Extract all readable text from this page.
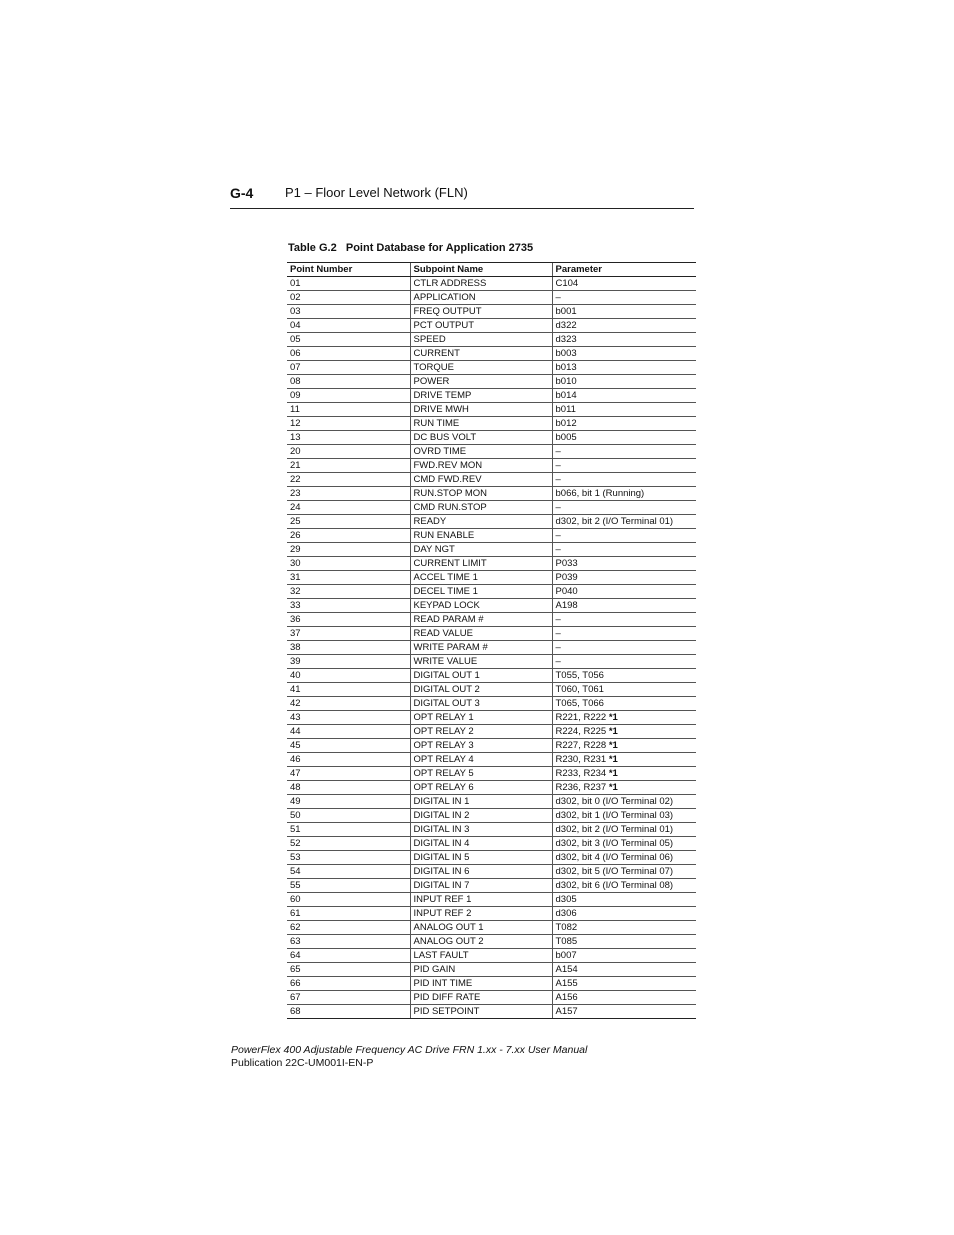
G-4 P1 – Floor Level Network (FLN)
Table G.2   Point Database for Application 2735
Point Number	Subpoint Name	Parameter
01	CTLR ADDRESS	C104
02	APPLICATION	–
03	FREQ OUTPUT	b001
04	PCT OUTPUT	d322
05	SPEED	d323
06	CURRENT	b003
07	TORQUE	b013
08	POWER	b010
09	DRIVE TEMP	b014
11	DRIVE MWH	b011
12	RUN TIME	b012
13	DC BUS VOLT	b005
20	OVRD TIME	–
21	FWD.REV MON	–
22	CMD FWD.REV	–
23	RUN.STOP MON	b066, bit 1 (Running)
24	CMD RUN.STOP	–
25	READY	d302, bit 2 (I/O Terminal 01)
26	RUN ENABLE	–
29	DAY NGT	–
30	CURRENT LIMIT	P033
31	ACCEL TIME 1	P039
32	DECEL TIME 1	P040
33	KEYPAD LOCK	A198
36	READ PARAM #	–
37	READ VALUE	–
38	WRITE PARAM #	–
39	WRITE VALUE	–
40	DIGITAL OUT 1	T055, T056
41	DIGITAL OUT 2	T060, T061
42	DIGITAL OUT 3	T065, T066
43	OPT RELAY 1	R221, R222 *1
44	OPT RELAY 2	R224, R225 *1
45	OPT RELAY 3	R227, R228 *1
46	OPT RELAY 4	R230, R231 *1
47	OPT RELAY 5	R233, R234 *1
48	OPT RELAY 6	R236, R237 *1
49	DIGITAL IN 1	d302, bit 0 (I/O Terminal 02)
50	DIGITAL IN 2	d302, bit 1 (I/O Terminal 03)
51	DIGITAL IN 3	d302, bit 2 (I/O Terminal 01)
52	DIGITAL IN 4	d302, bit 3 (I/O Terminal 05)
53	DIGITAL IN 5	d302, bit 4 (I/O Terminal 06)
54	DIGITAL IN 6	d302, bit 5 (I/O Terminal 07)
55	DIGITAL IN 7	d302, bit 6 (I/O Terminal 08)
60	INPUT REF 1	d305
61	INPUT REF 2	d306
62	ANALOG OUT 1	T082
63	ANALOG OUT 2	T085
64	LAST FAULT	b007
65	PID GAIN	A154
66	PID INT TIME	A155
67	PID DIFF RATE	A156
68	PID SETPOINT	A157
PowerFlex 400 Adjustable Frequency AC Drive FRN 1.xx - 7.xx User Manual
Publication 22C-UM001I-EN-P
